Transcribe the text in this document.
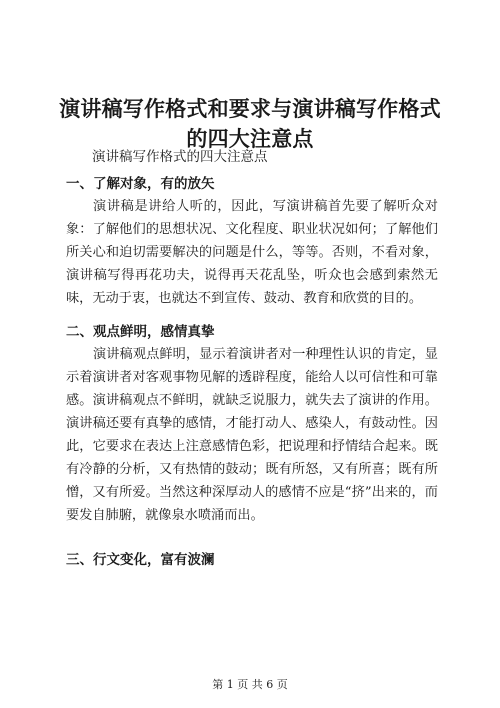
演讲稿写作格式和要求与演讲稿写作格式的四大注意点
演讲稿写作格式的四大注意点
一、了解对象，有的放矢
演讲稿是讲给人听的，因此，写演讲稿首先要了解听众对象：了解他们的思想状况、文化程度、职业状况如何；了解他们所关心和迫切需要解决的问题是什么，等等。否则，不看对象，演讲稿写得再花功夫，说得再天花乱坠，听众也会感到索然无味，无动于衷，也就达不到宣传、鼓动、教育和欣赏的目的。
二、观点鲜明，感情真挚
演讲稿观点鲜明，显示着演讲者对一种理性认识的肯定，显示着演讲者对客观事物见解的透辟程度，能给人以可信性和可靠感。演讲稿观点不鲜明，就缺乏说服力，就失去了演讲的作用。演讲稿还要有真挚的感情，才能打动人、感染人，有鼓动性。因此，它要求在表达上注意感情色彩，把说理和抒情结合起来。既有冷静的分析，又有热情的鼓动；既有所怒，又有所喜；既有所憎，又有所爱。当然这种深厚动人的感情不应是“挤”出来的，而要发自肺腑，就像泉水喷涌而出。
三、行文变化，富有波澜
第 1 页 共 6 页
